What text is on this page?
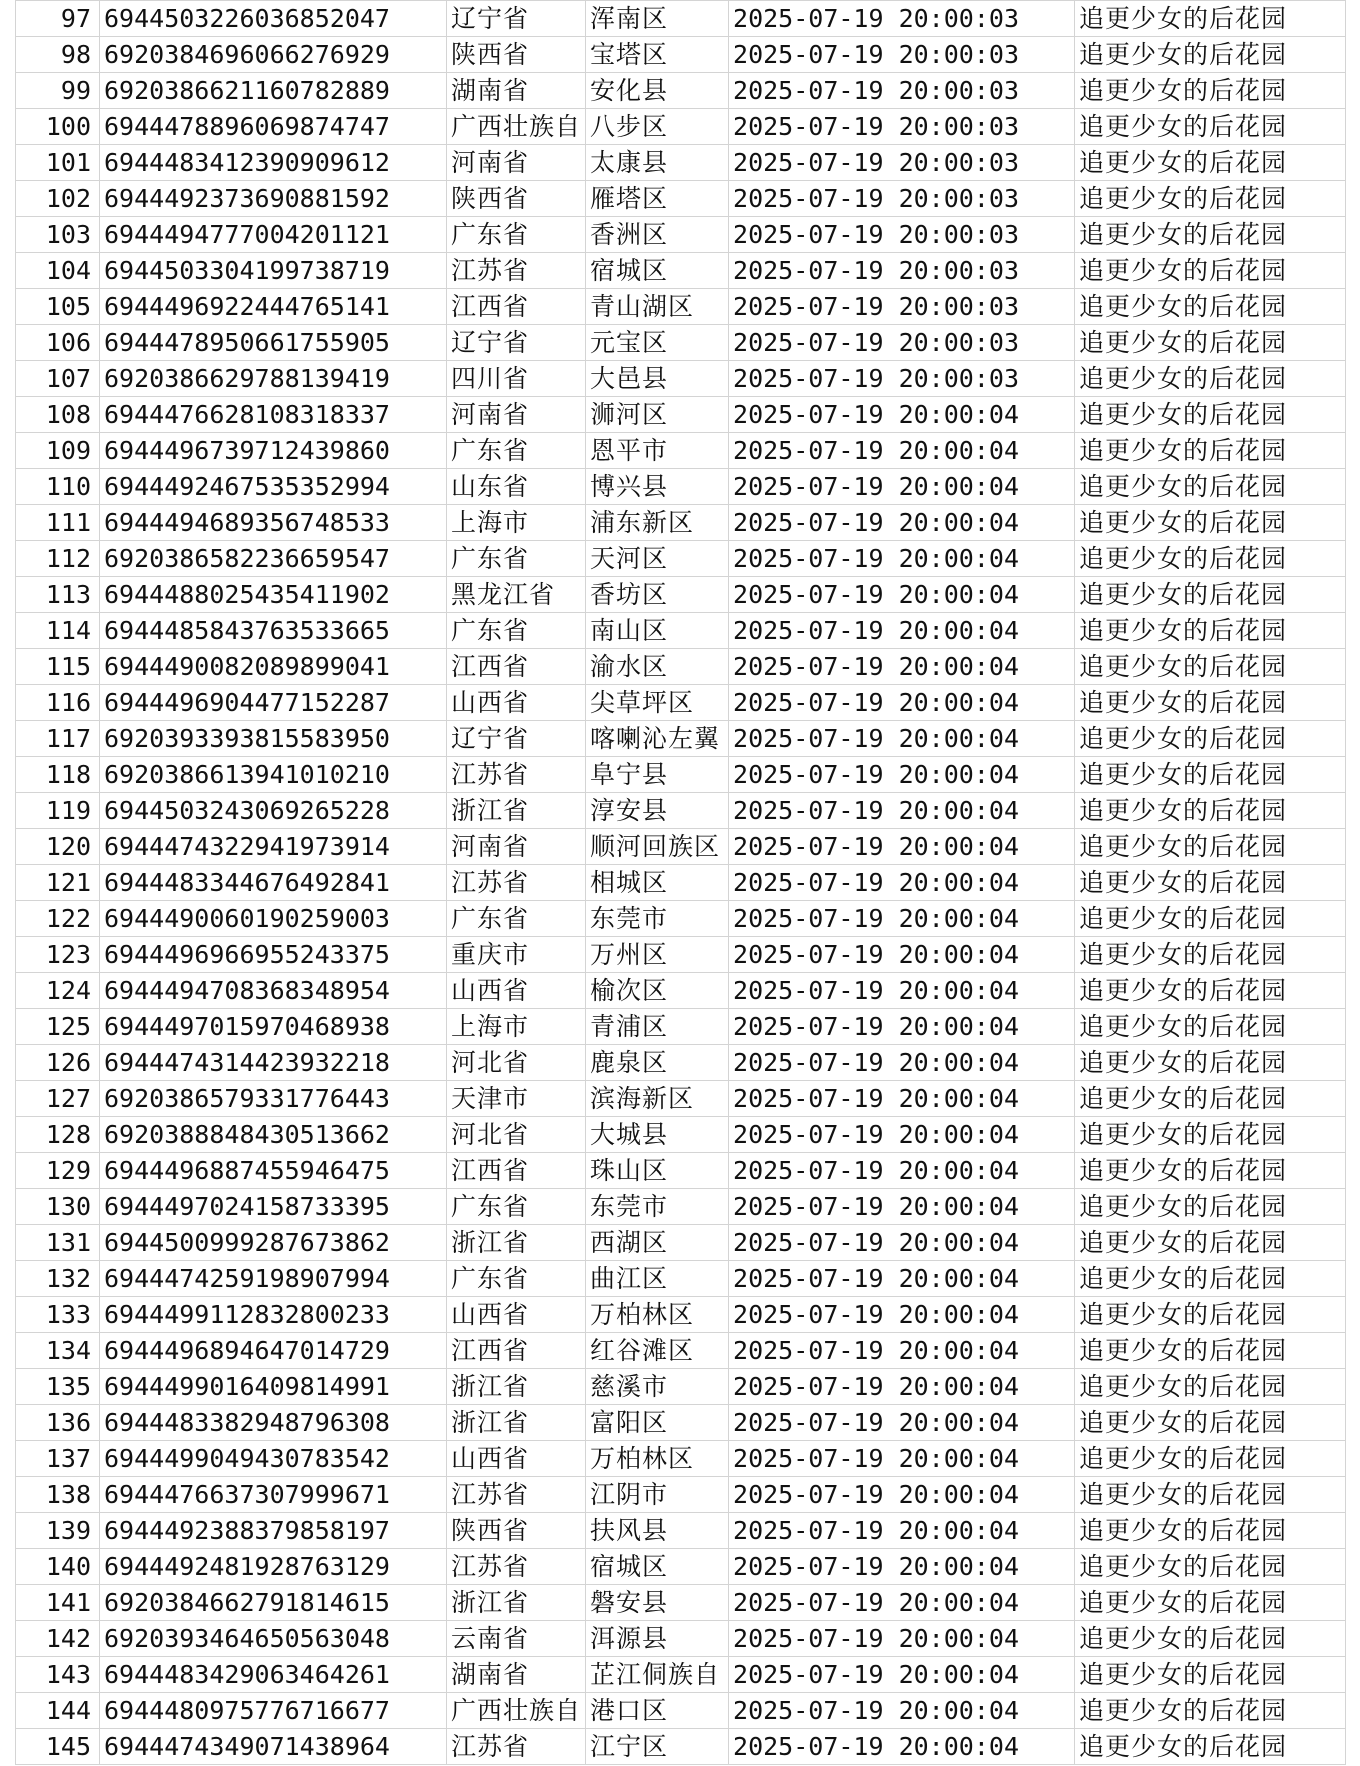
97	6944503226036852047	辽宁省	浑南区	2025-07-19 20:00:03	追更少女的后花园
98	6920384696066276929	陕西省	宝塔区	2025-07-19 20:00:03	追更少女的后花园
99	6920386621160782889	湖南省	安化县	2025-07-19 20:00:03	追更少女的后花园
100	6944478896069874747	广西壮族自	八步区	2025-07-19 20:00:03	追更少女的后花园
101	6944483412390909612	河南省	太康县	2025-07-19 20:00:03	追更少女的后花园
102	6944492373690881592	陕西省	雁塔区	2025-07-19 20:00:03	追更少女的后花园
103	6944494777004201121	广东省	香洲区	2025-07-19 20:00:03	追更少女的后花园
104	6944503304199738719	江苏省	宿城区	2025-07-19 20:00:03	追更少女的后花园
105	6944496922444765141	江西省	青山湖区	2025-07-19 20:00:03	追更少女的后花园
106	6944478950661755905	辽宁省	元宝区	2025-07-19 20:00:03	追更少女的后花园
107	6920386629788139419	四川省	大邑县	2025-07-19 20:00:03	追更少女的后花园
108	6944476628108318337	河南省	浉河区	2025-07-19 20:00:04	追更少女的后花园
109	6944496739712439860	广东省	恩平市	2025-07-19 20:00:04	追更少女的后花园
110	6944492467535352994	山东省	博兴县	2025-07-19 20:00:04	追更少女的后花园
111	6944494689356748533	上海市	浦东新区	2025-07-19 20:00:04	追更少女的后花园
112	6920386582236659547	广东省	天河区	2025-07-19 20:00:04	追更少女的后花园
113	6944488025435411902	黑龙江省	香坊区	2025-07-19 20:00:04	追更少女的后花园
114	6944485843763533665	广东省	南山区	2025-07-19 20:00:04	追更少女的后花园
115	6944490082089899041	江西省	渝水区	2025-07-19 20:00:04	追更少女的后花园
116	6944496904477152287	山西省	尖草坪区	2025-07-19 20:00:04	追更少女的后花园
117	6920393393815583950	辽宁省	喀喇沁左翼	2025-07-19 20:00:04	追更少女的后花园
118	6920386613941010210	江苏省	阜宁县	2025-07-19 20:00:04	追更少女的后花园
119	6944503243069265228	浙江省	淳安县	2025-07-19 20:00:04	追更少女的后花园
120	6944474322941973914	河南省	顺河回族区	2025-07-19 20:00:04	追更少女的后花园
121	6944483344676492841	江苏省	相城区	2025-07-19 20:00:04	追更少女的后花园
122	6944490060190259003	广东省	东莞市	2025-07-19 20:00:04	追更少女的后花园
123	6944496966955243375	重庆市	万州区	2025-07-19 20:00:04	追更少女的后花园
124	6944494708368348954	山西省	榆次区	2025-07-19 20:00:04	追更少女的后花园
125	6944497015970468938	上海市	青浦区	2025-07-19 20:00:04	追更少女的后花园
126	6944474314423932218	河北省	鹿泉区	2025-07-19 20:00:04	追更少女的后花园
127	6920386579331776443	天津市	滨海新区	2025-07-19 20:00:04	追更少女的后花园
128	6920388848430513662	河北省	大城县	2025-07-19 20:00:04	追更少女的后花园
129	6944496887455946475	江西省	珠山区	2025-07-19 20:00:04	追更少女的后花园
130	6944497024158733395	广东省	东莞市	2025-07-19 20:00:04	追更少女的后花园
131	6944500999287673862	浙江省	西湖区	2025-07-19 20:00:04	追更少女的后花园
132	6944474259198907994	广东省	曲江区	2025-07-19 20:00:04	追更少女的后花园
133	6944499112832800233	山西省	万柏林区	2025-07-19 20:00:04	追更少女的后花园
134	6944496894647014729	江西省	红谷滩区	2025-07-19 20:00:04	追更少女的后花园
135	6944499016409814991	浙江省	慈溪市	2025-07-19 20:00:04	追更少女的后花园
136	6944483382948796308	浙江省	富阳区	2025-07-19 20:00:04	追更少女的后花园
137	6944499049430783542	山西省	万柏林区	2025-07-19 20:00:04	追更少女的后花园
138	6944476637307999671	江苏省	江阴市	2025-07-19 20:00:04	追更少女的后花园
139	6944492388379858197	陕西省	扶风县	2025-07-19 20:00:04	追更少女的后花园
140	6944492481928763129	江苏省	宿城区	2025-07-19 20:00:04	追更少女的后花园
141	6920384662791814615	浙江省	磐安县	2025-07-19 20:00:04	追更少女的后花园
142	6920393464650563048	云南省	洱源县	2025-07-19 20:00:04	追更少女的后花园
143	6944483429063464261	湖南省	芷江侗族自	2025-07-19 20:00:04	追更少女的后花园
144	6944480975776716677	广西壮族自	港口区	2025-07-19 20:00:04	追更少女的后花园
145	6944474349071438964	江苏省	江宁区	2025-07-19 20:00:04	追更少女的后花园
